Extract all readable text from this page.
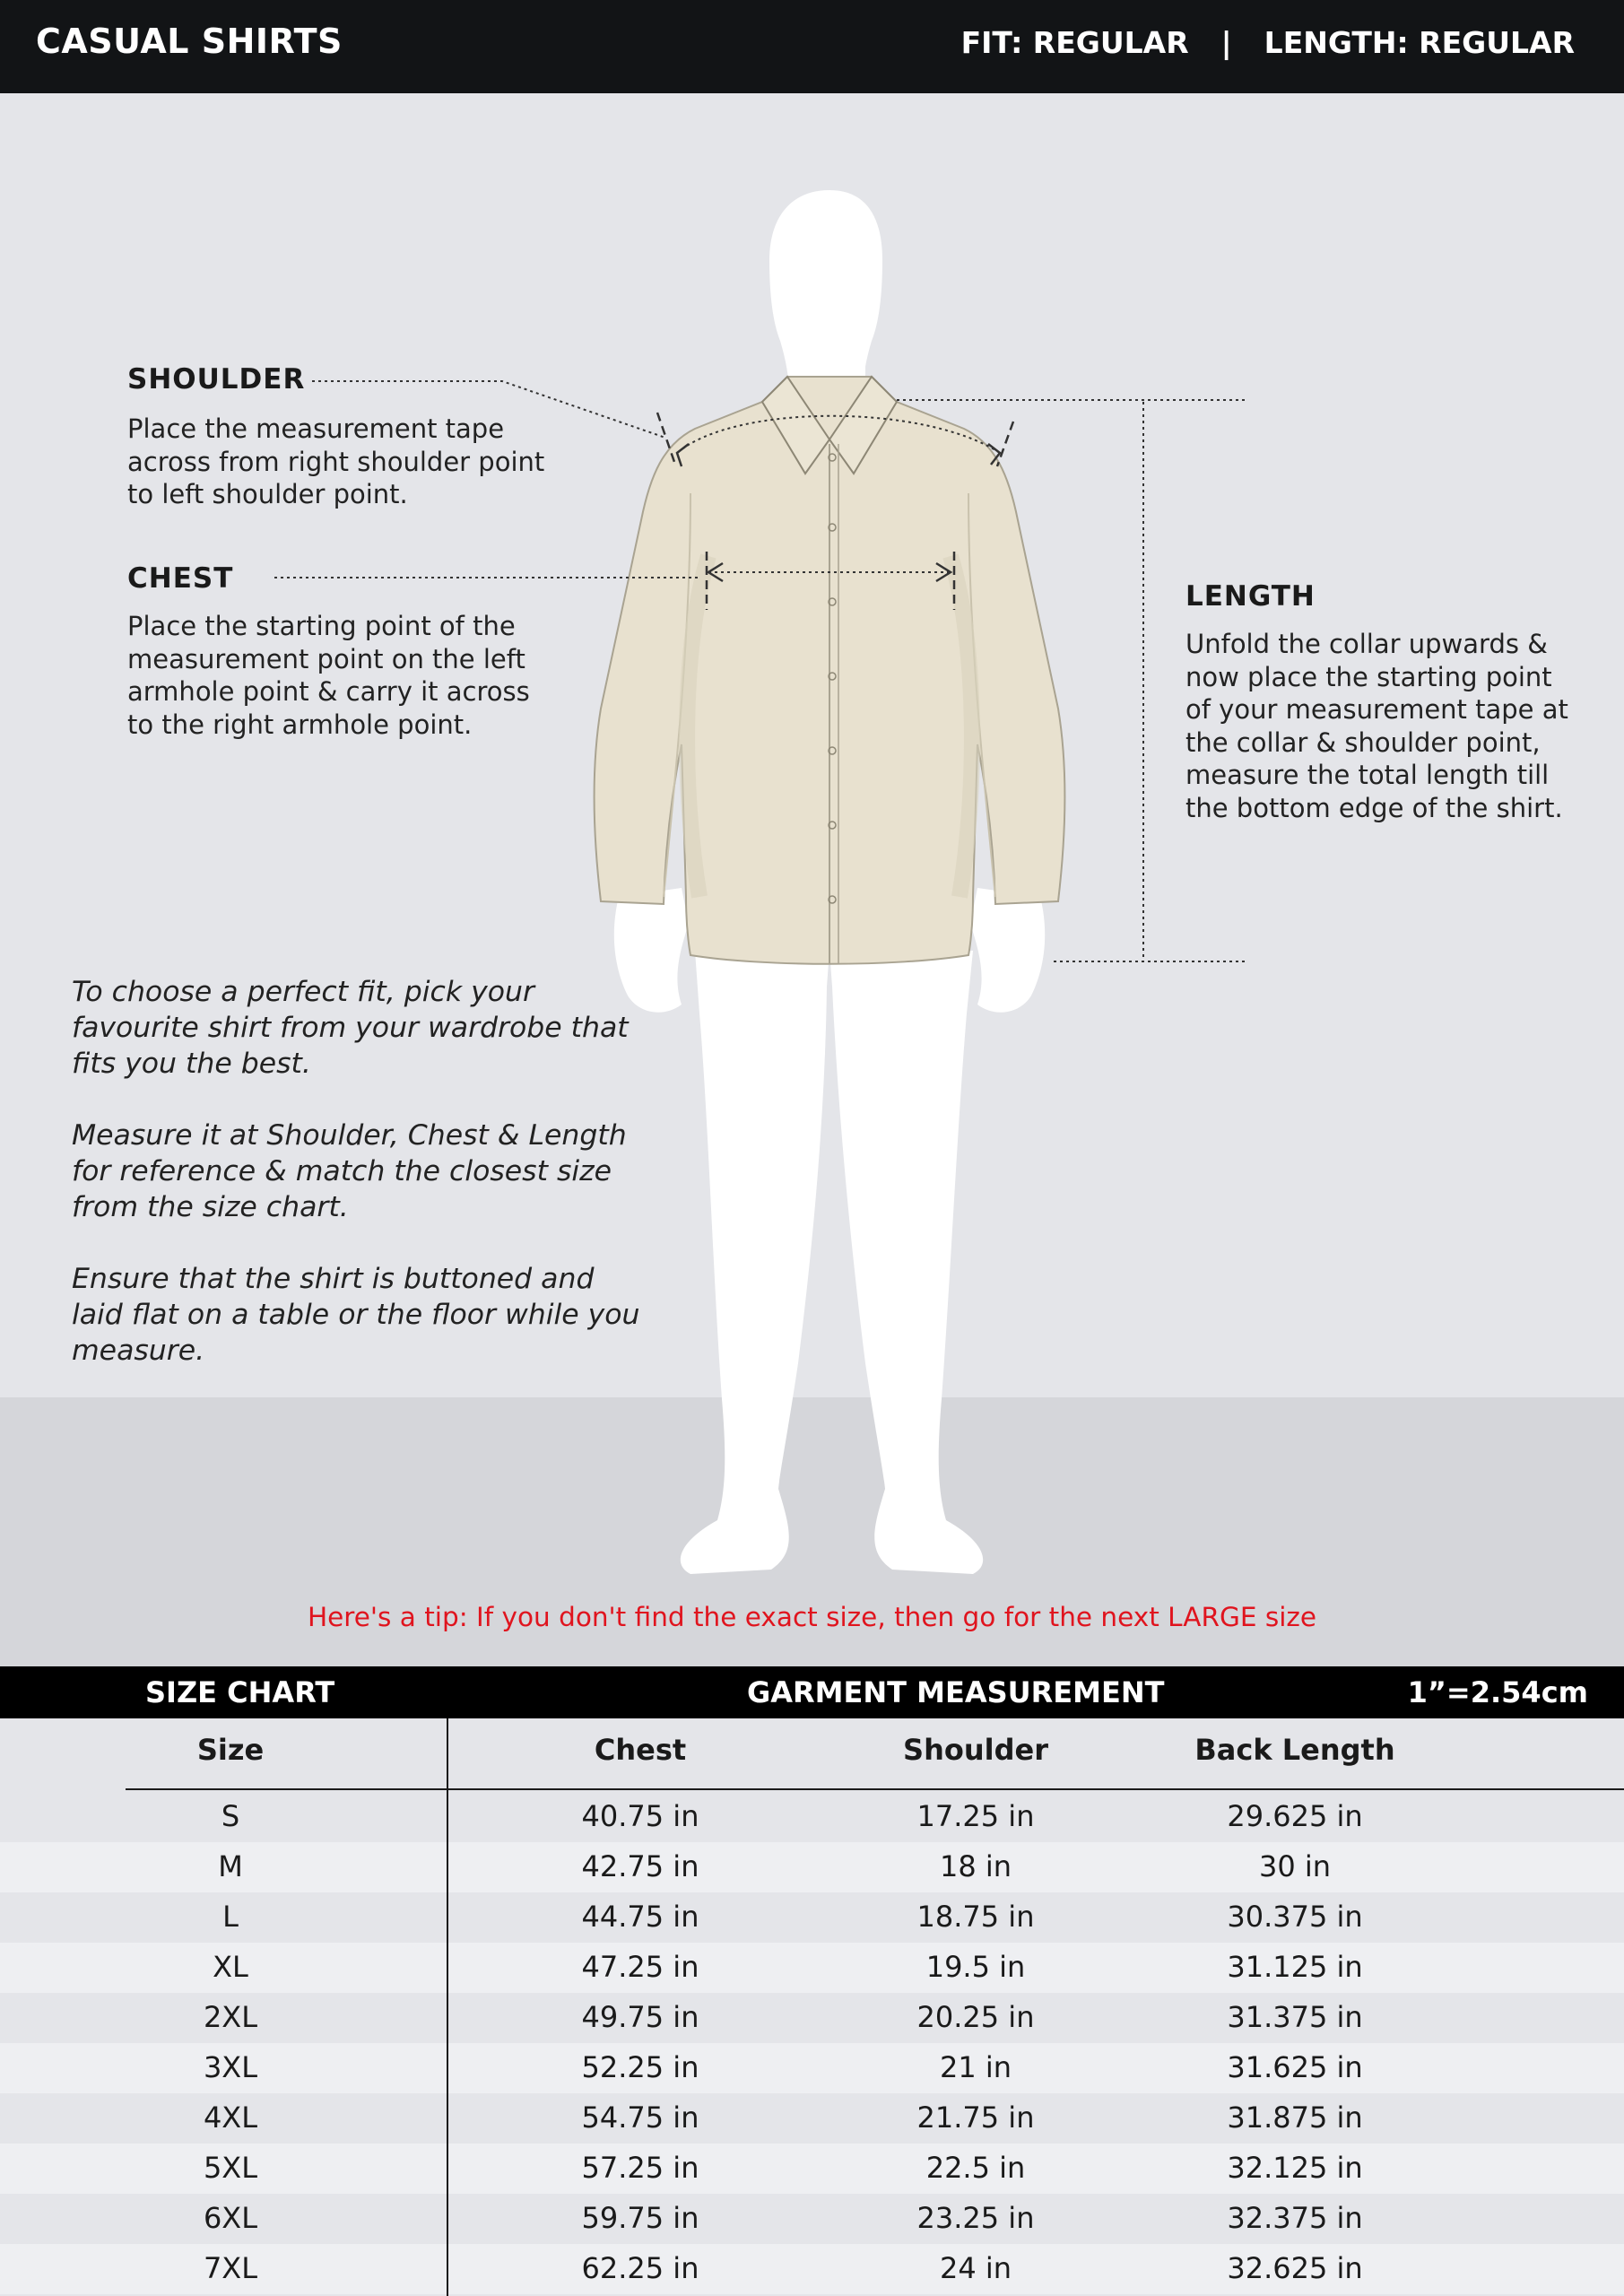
CASUAL SHIRTS	FIT: REGULAR | LENGTH: REGULAR
SHOULDER
Place the measurement tape
across from right shoulder point
to left shoulder point.
CHEST
Place the starting point of the
measurement point on the left
armhole point & carry it across
to the right armhole point.
LENGTH
Unfold the collar upwards &
now place the starting point
of your measurement tape at
the collar & shoulder point,
measure the total length till
the bottom edge of the shirt.
To choose a perfect fit, pick your
favourite shirt from your wardrobe that
fits you the best.
Measure it at Shoulder, Chest & Length
for reference & match the closest size
from the size chart.
Ensure that the shirt is buttoned and
laid flat on a table or the floor while you
measure.
Here's a tip: If you don't find the exact size, then go for the next LARGE size
SIZE CHART	GARMENT MEASUREMENT	1”=2.54cm
Size	Chest	Shoulder	Back Length
S	40.75 in	17.25 in	29.625 in
M	42.75 in	18 in	30 in
L	44.75 in	18.75 in	30.375 in
XL	47.25 in	19.5 in	31.125 in
2XL	49.75 in	20.25 in	31.375 in
3XL	52.25 in	21 in	31.625 in
4XL	54.75 in	21.75 in	31.875 in
5XL	57.25 in	22.5 in	32.125 in
6XL	59.75 in	23.25 in	32.375 in
7XL	62.25 in	24 in	32.625 in
